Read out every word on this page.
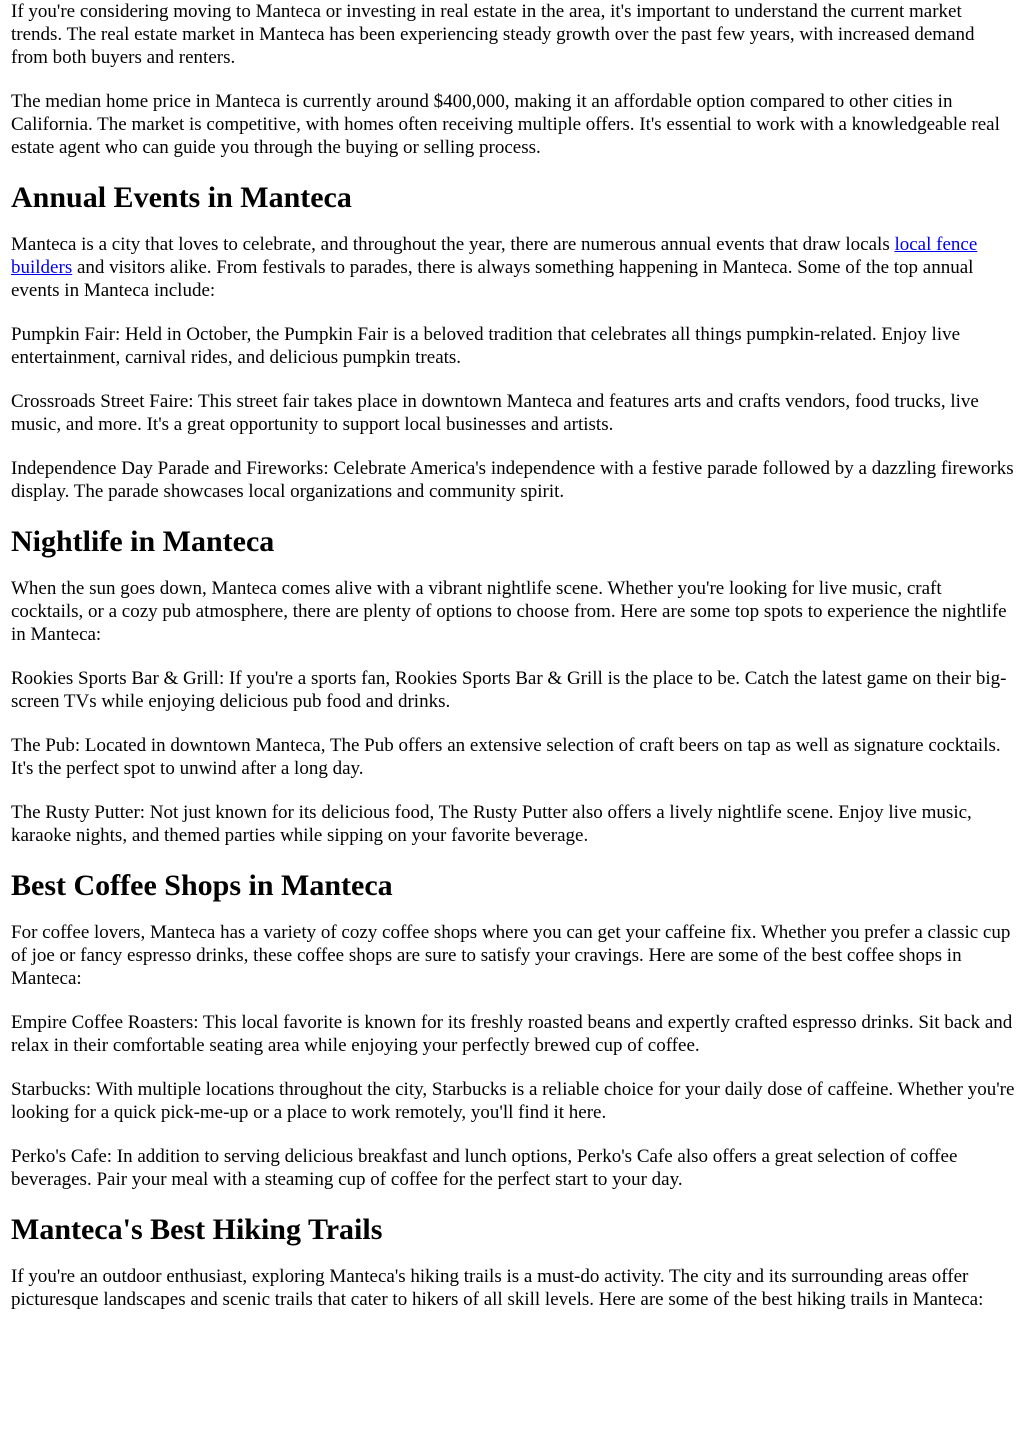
If you're considering moving to Manteca or investing in real estate in the area, it's important to understand the current market trends. The real estate market in Manteca has been experiencing steady growth over the past few years, with increased demand from both buyers and renters.

The median home price in Manteca is currently around $400,000, making it an affordable option compared to other cities in California. The market is competitive, with homes often receiving multiple offers. It's essential to work with a knowledgeable real estate agent who can guide you through the buying or selling process.

Annual Events in Manteca

Manteca is a city that loves to celebrate, and throughout the year, there are numerous annual events that draw locals local fence builders and visitors alike. From festivals to parades, there is always something happening in Manteca. Some of the top annual events in Manteca include:

Pumpkin Fair: Held in October, the Pumpkin Fair is a beloved tradition that celebrates all things pumpkin-related. Enjoy live entertainment, carnival rides, and delicious pumpkin treats.

Crossroads Street Faire: This street fair takes place in downtown Manteca and features arts and crafts vendors, food trucks, live music, and more. It's a great opportunity to support local businesses and artists.

Independence Day Parade and Fireworks: Celebrate America's independence with a festive parade followed by a dazzling fireworks display. The parade showcases local organizations and community spirit.

Nightlife in Manteca

When the sun goes down, Manteca comes alive with a vibrant nightlife scene. Whether you're looking for live music, craft cocktails, or a cozy pub atmosphere, there are plenty of options to choose from. Here are some top spots to experience the nightlife in Manteca:

Rookies Sports Bar & Grill: If you're a sports fan, Rookies Sports Bar & Grill is the place to be. Catch the latest game on their big-screen TVs while enjoying delicious pub food and drinks.

The Pub: Located in downtown Manteca, The Pub offers an extensive selection of craft beers on tap as well as signature cocktails. It's the perfect spot to unwind after a long day.

The Rusty Putter: Not just known for its delicious food, The Rusty Putter also offers a lively nightlife scene. Enjoy live music, karaoke nights, and themed parties while sipping on your favorite beverage.

Best Coffee Shops in Manteca

For coffee lovers, Manteca has a variety of cozy coffee shops where you can get your caffeine fix. Whether you prefer a classic cup of joe or fancy espresso drinks, these coffee shops are sure to satisfy your cravings. Here are some of the best coffee shops in Manteca:

Empire Coffee Roasters: This local favorite is known for its freshly roasted beans and expertly crafted espresso drinks. Sit back and relax in their comfortable seating area while enjoying your perfectly brewed cup of coffee.

Starbucks: With multiple locations throughout the city, Starbucks is a reliable choice for your daily dose of caffeine. Whether you're looking for a quick pick-me-up or a place to work remotely, you'll find it here.

Perko's Cafe: In addition to serving delicious breakfast and lunch options, Perko's Cafe also offers a great selection of coffee beverages. Pair your meal with a steaming cup of coffee for the perfect start to your day.

Manteca's Best Hiking Trails

If you're an outdoor enthusiast, exploring Manteca's hiking trails is a must-do activity. The city and its surrounding areas offer picturesque landscapes and scenic trails that cater to hikers of all skill levels. Here are some of the best hiking trails in Manteca:
